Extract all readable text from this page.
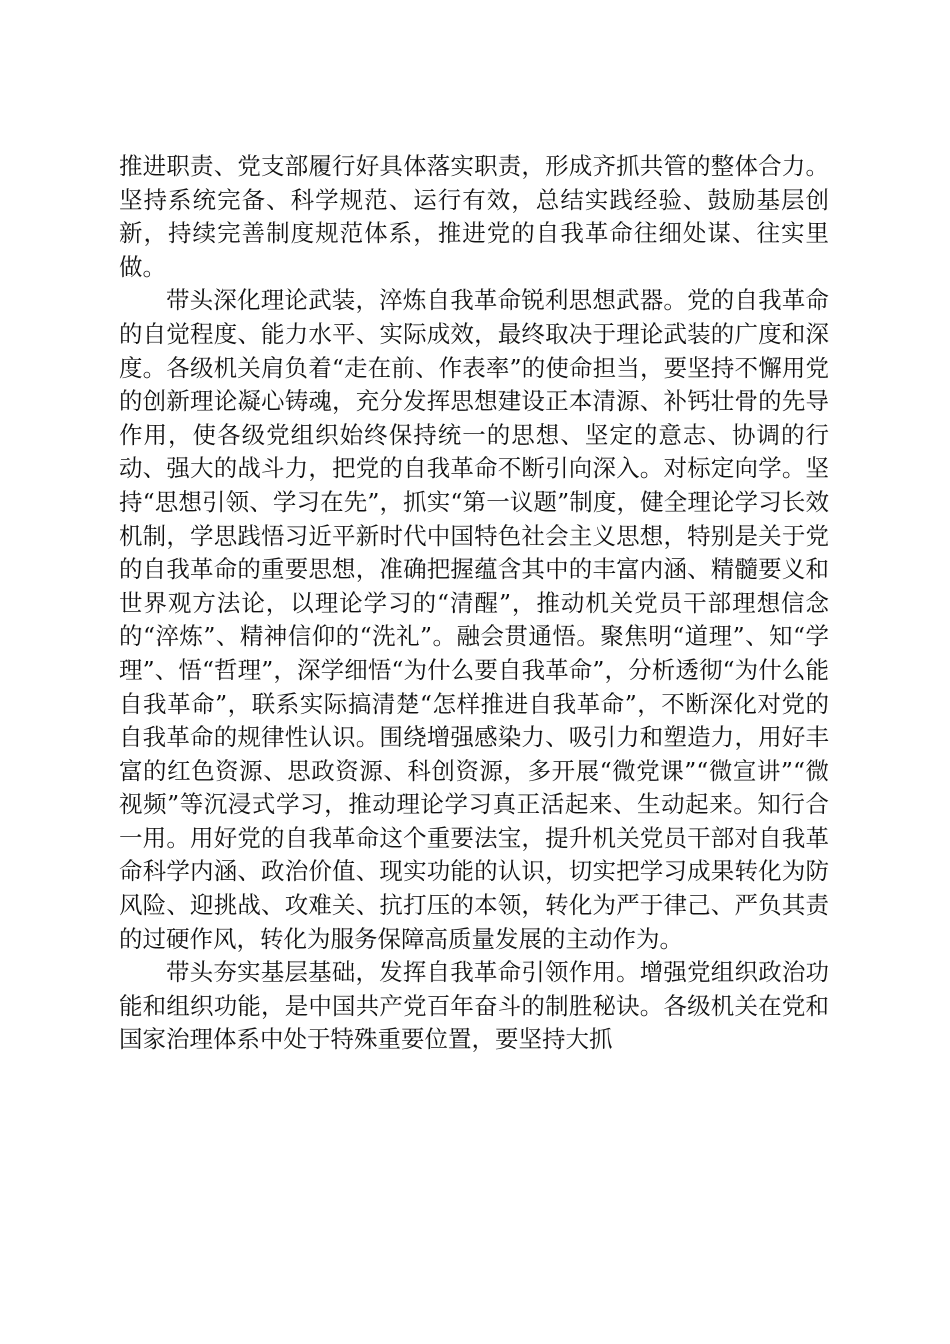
推进职责、党支部履行好具体落实职责，形成齐抓共管的整体合力。坚持系统完备、科学规范、运行有效，总结实践经验、鼓励基层创新，持续完善制度规范体系，推进党的自我革命往细处谋、往实里做。

带头深化理论武装，淬炼自我革命锐利思想武器。党的自我革命的自觉程度、能力水平、实际成效，最终取决于理论武装的广度和深度。各级机关肩负着“走在前、作表率”的使命担当，要坚持不懈用党的创新理论凝心铸魂，充分发挥思想建设正本清源、补钙壮骨的先导作用，使各级党组织始终保持统一的思想、坚定的意志、协调的行动、强大的战斗力，把党的自我革命不断引向深入。对标定向学。坚持“思想引领、学习在先”，抓实“第一议题”制度，健全理论学习长效机制，学思践悟习近平新时代中国特色社会主义思想，特别是关于党的自我革命的重要思想，准确把握蕴含其中的丰富内涵、精髓要义和世界观方法论，以理论学习的“清醒”，推动机关党员干部理想信念的“淬炼”、精神信仰的“洗礼”。融会贯通悟。聚焦明“道理”、知“学理”、悟“哲理”，深学细悟“为什么要自我革命”，分析透彻“为什么能自我革命”，联系实际搞清楚“怎样推进自我革命”，不断深化对党的自我革命的规律性认识。围绕增强感染力、吸引力和塑造力，用好丰富的红色资源、思政资源、科创资源，多开展“微党课”“微宣讲”“微视频”等沉浸式学习，推动理论学习真正活起来、生动起来。知行合一用。用好党的自我革命这个重要法宝，提升机关党员干部对自我革命科学内涵、政治价值、现实功能的认识，切实把学习成果转化为防风险、迎挑战、攻难关、抗打压的本领，转化为严于律己、严负其责的过硬作风，转化为服务保障高质量发展的主动作为。

带头夯实基层基础，发挥自我革命引领作用。增强党组织政治功能和组织功能，是中国共产党百年奋斗的制胜秘诀。各级机关在党和国家治理体系中处于特殊重要位置，要坚持大抓
